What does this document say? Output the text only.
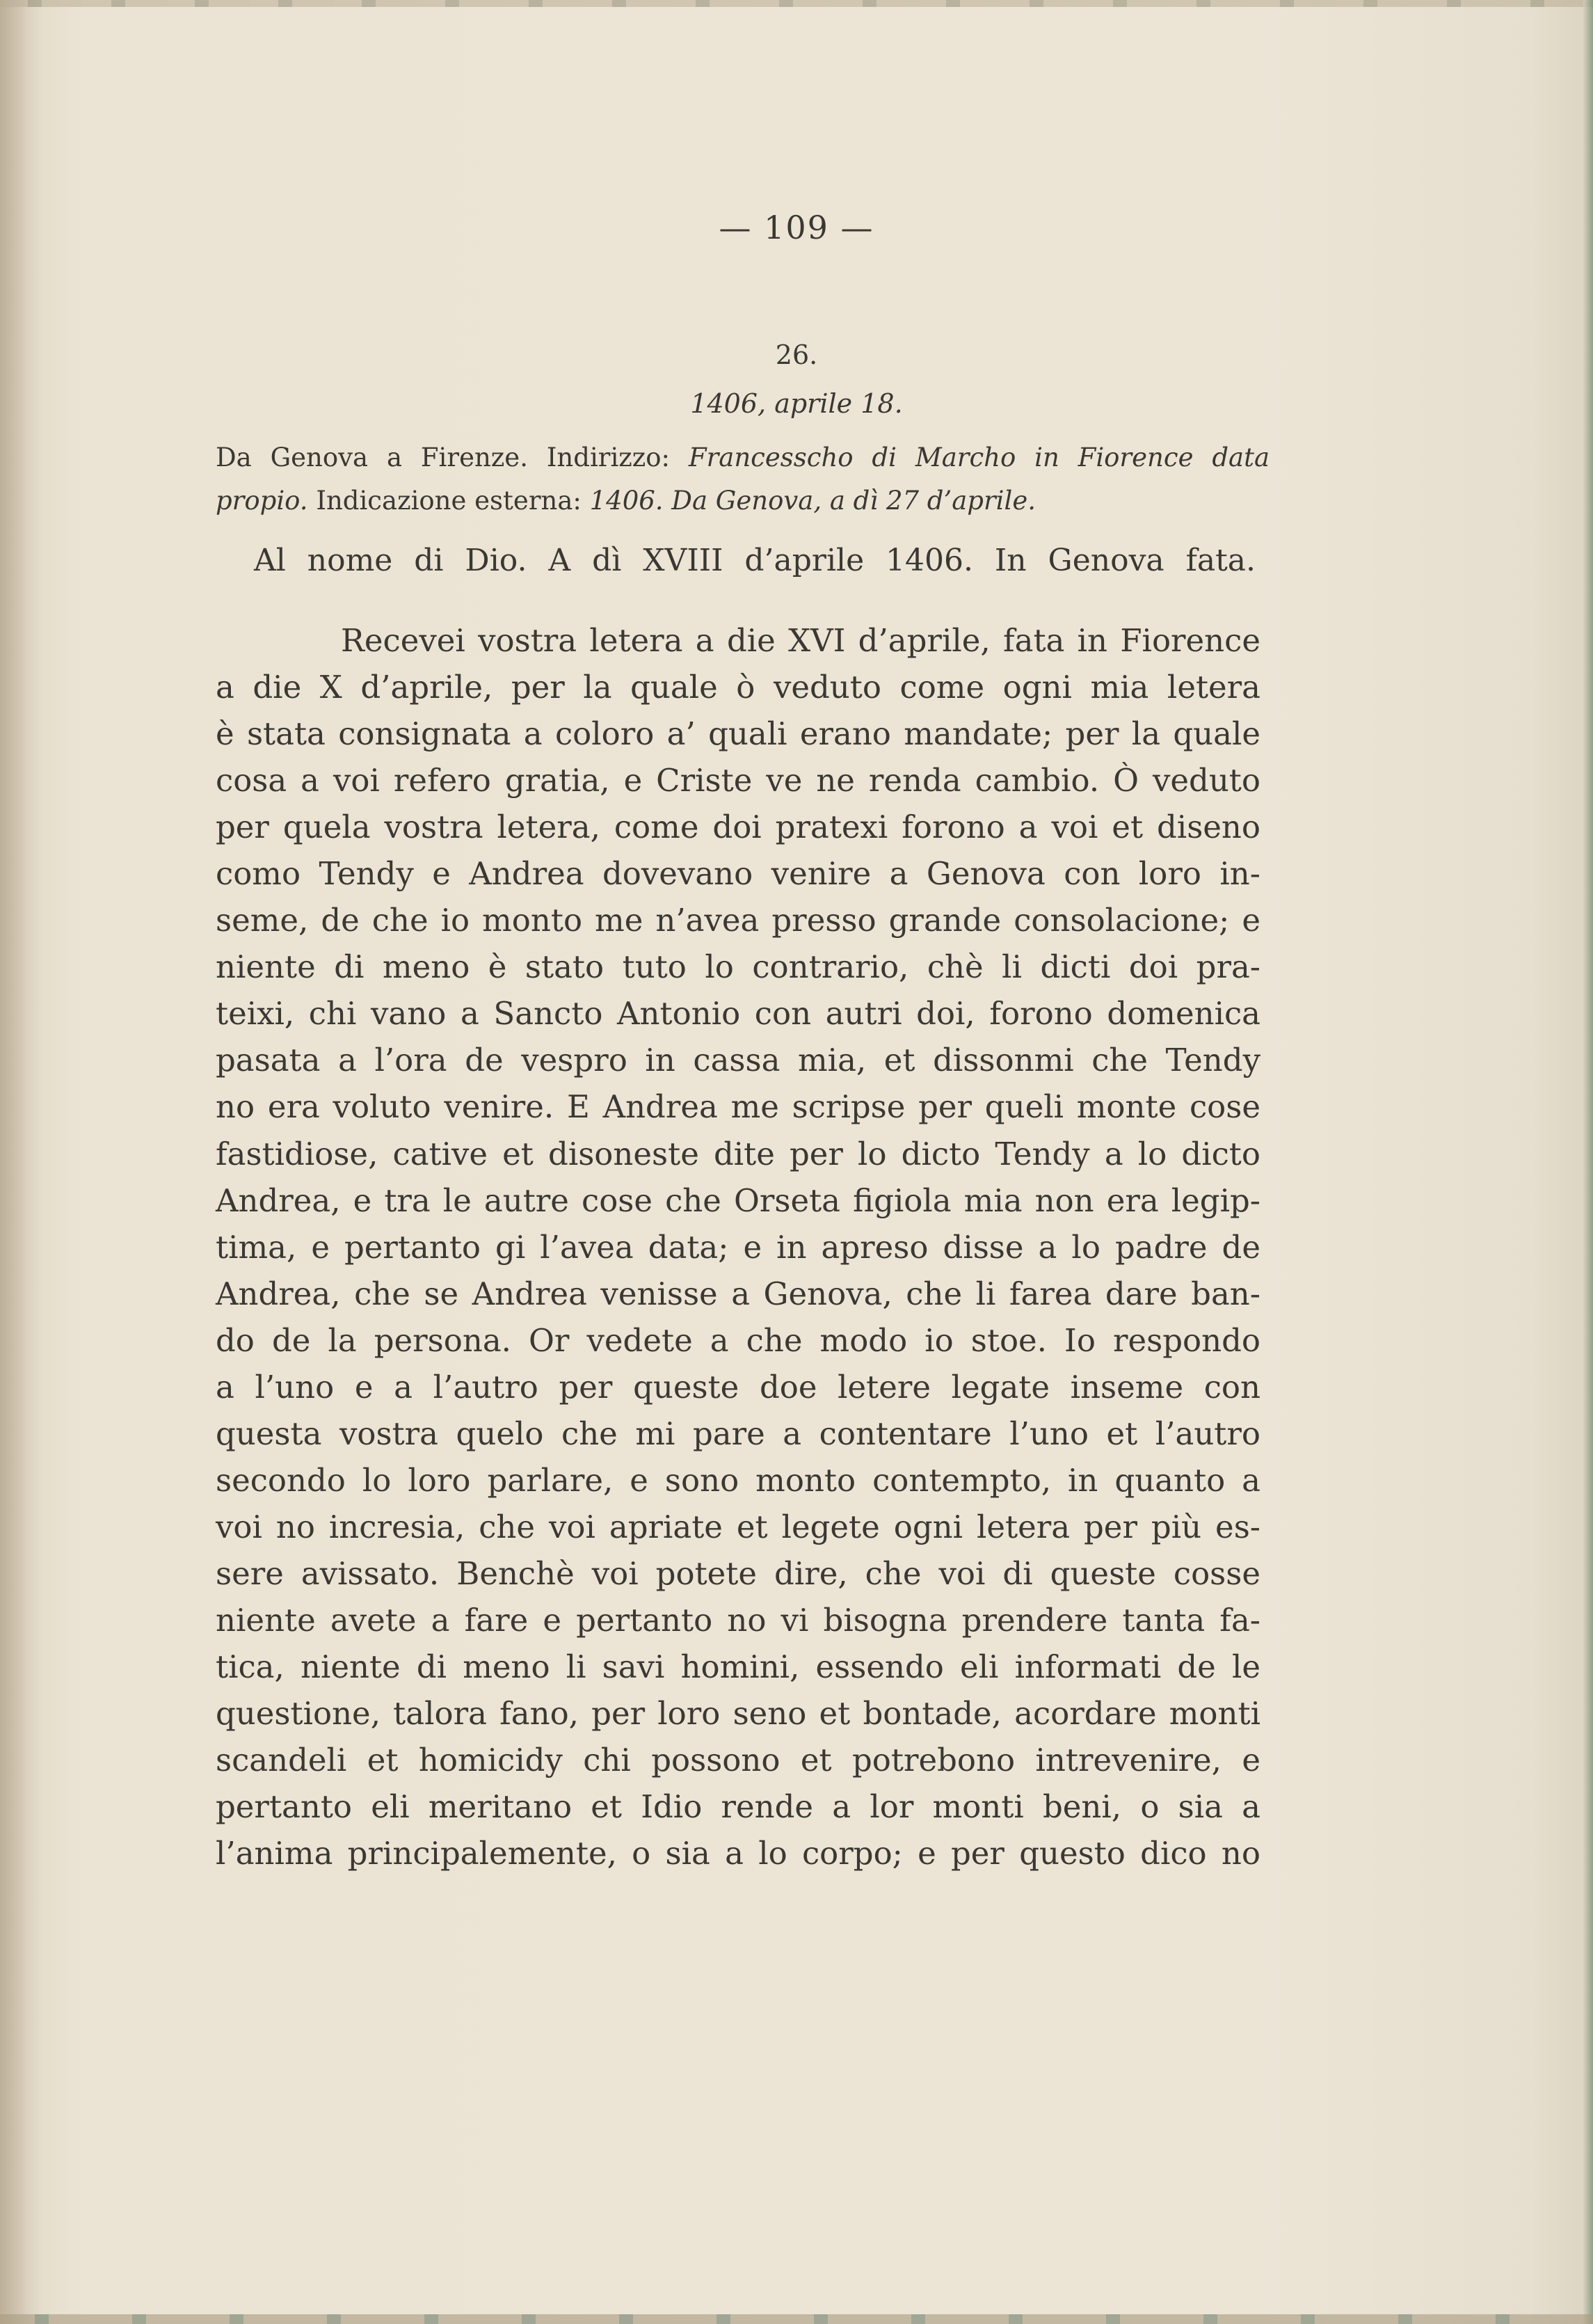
— 109 —
26.
1406, aprile 18.
Da Genova a Firenze. Indirizzo: Francesscho di Marcho in Fiorence data
propio. Indicazione esterna: 1406. Da Genova, a dì 27 d’aprile.
Al nome di Dio. A dì XVIII d’aprile 1406. In Genova fata.
Recevei vostra letera a die XVI d’aprile, fata in Fiorence
a die X d’aprile, per la quale ò veduto come ogni mia letera
è stata consignata a coloro a’ quali erano mandate; per la quale
cosa a voi refero gratia, e Criste ve ne renda cambio. Ò veduto
per quela vostra letera, come doi pratexi forono a voi et diseno
como Tendy e Andrea dovevano venire a Genova con loro in-
seme, de che io monto me n’avea presso grande consolacione; e
niente di meno è stato tuto lo contrario, chè li dicti doi pra-
teixi, chi vano a Sancto Antonio con autri doi, forono domenica
pasata a l’ora de vespro in cassa mia, et dissonmi che Tendy
no era voluto venire. E Andrea me scripse per queli monte cose
fastidiose, cative et disoneste dite per lo dicto Tendy a lo dicto
Andrea, e tra le autre cose che Orseta figiola mia non era legip-
tima, e pertanto gi l’avea data; e in apreso disse a lo padre de
Andrea, che se Andrea venisse a Genova, che li farea dare ban-
do de la persona. Or vedete a che modo io stoe. Io respondo
a l’uno e a l’autro per queste doe letere legate inseme con
questa vostra quelo che mi pare a contentare l’uno et l’autro
secondo lo loro parlare, e sono monto contempto, in quanto a
voi no incresia, che voi apriate et legete ogni letera per più es-
sere avissato. Benchè voi potete dire, che voi di queste cosse
niente avete a fare e pertanto no vi bisogna prendere tanta fa-
tica, niente di meno li savi homini, essendo eli informati de le
questione, talora fano, per loro seno et bontade, acordare monti
scandeli et homicidy chi possono et potrebono intrevenire, e
pertanto eli meritano et Idio rende a lor monti beni, o sia a
l’anima principalemente, o sia a lo corpo; e per questo dico no
